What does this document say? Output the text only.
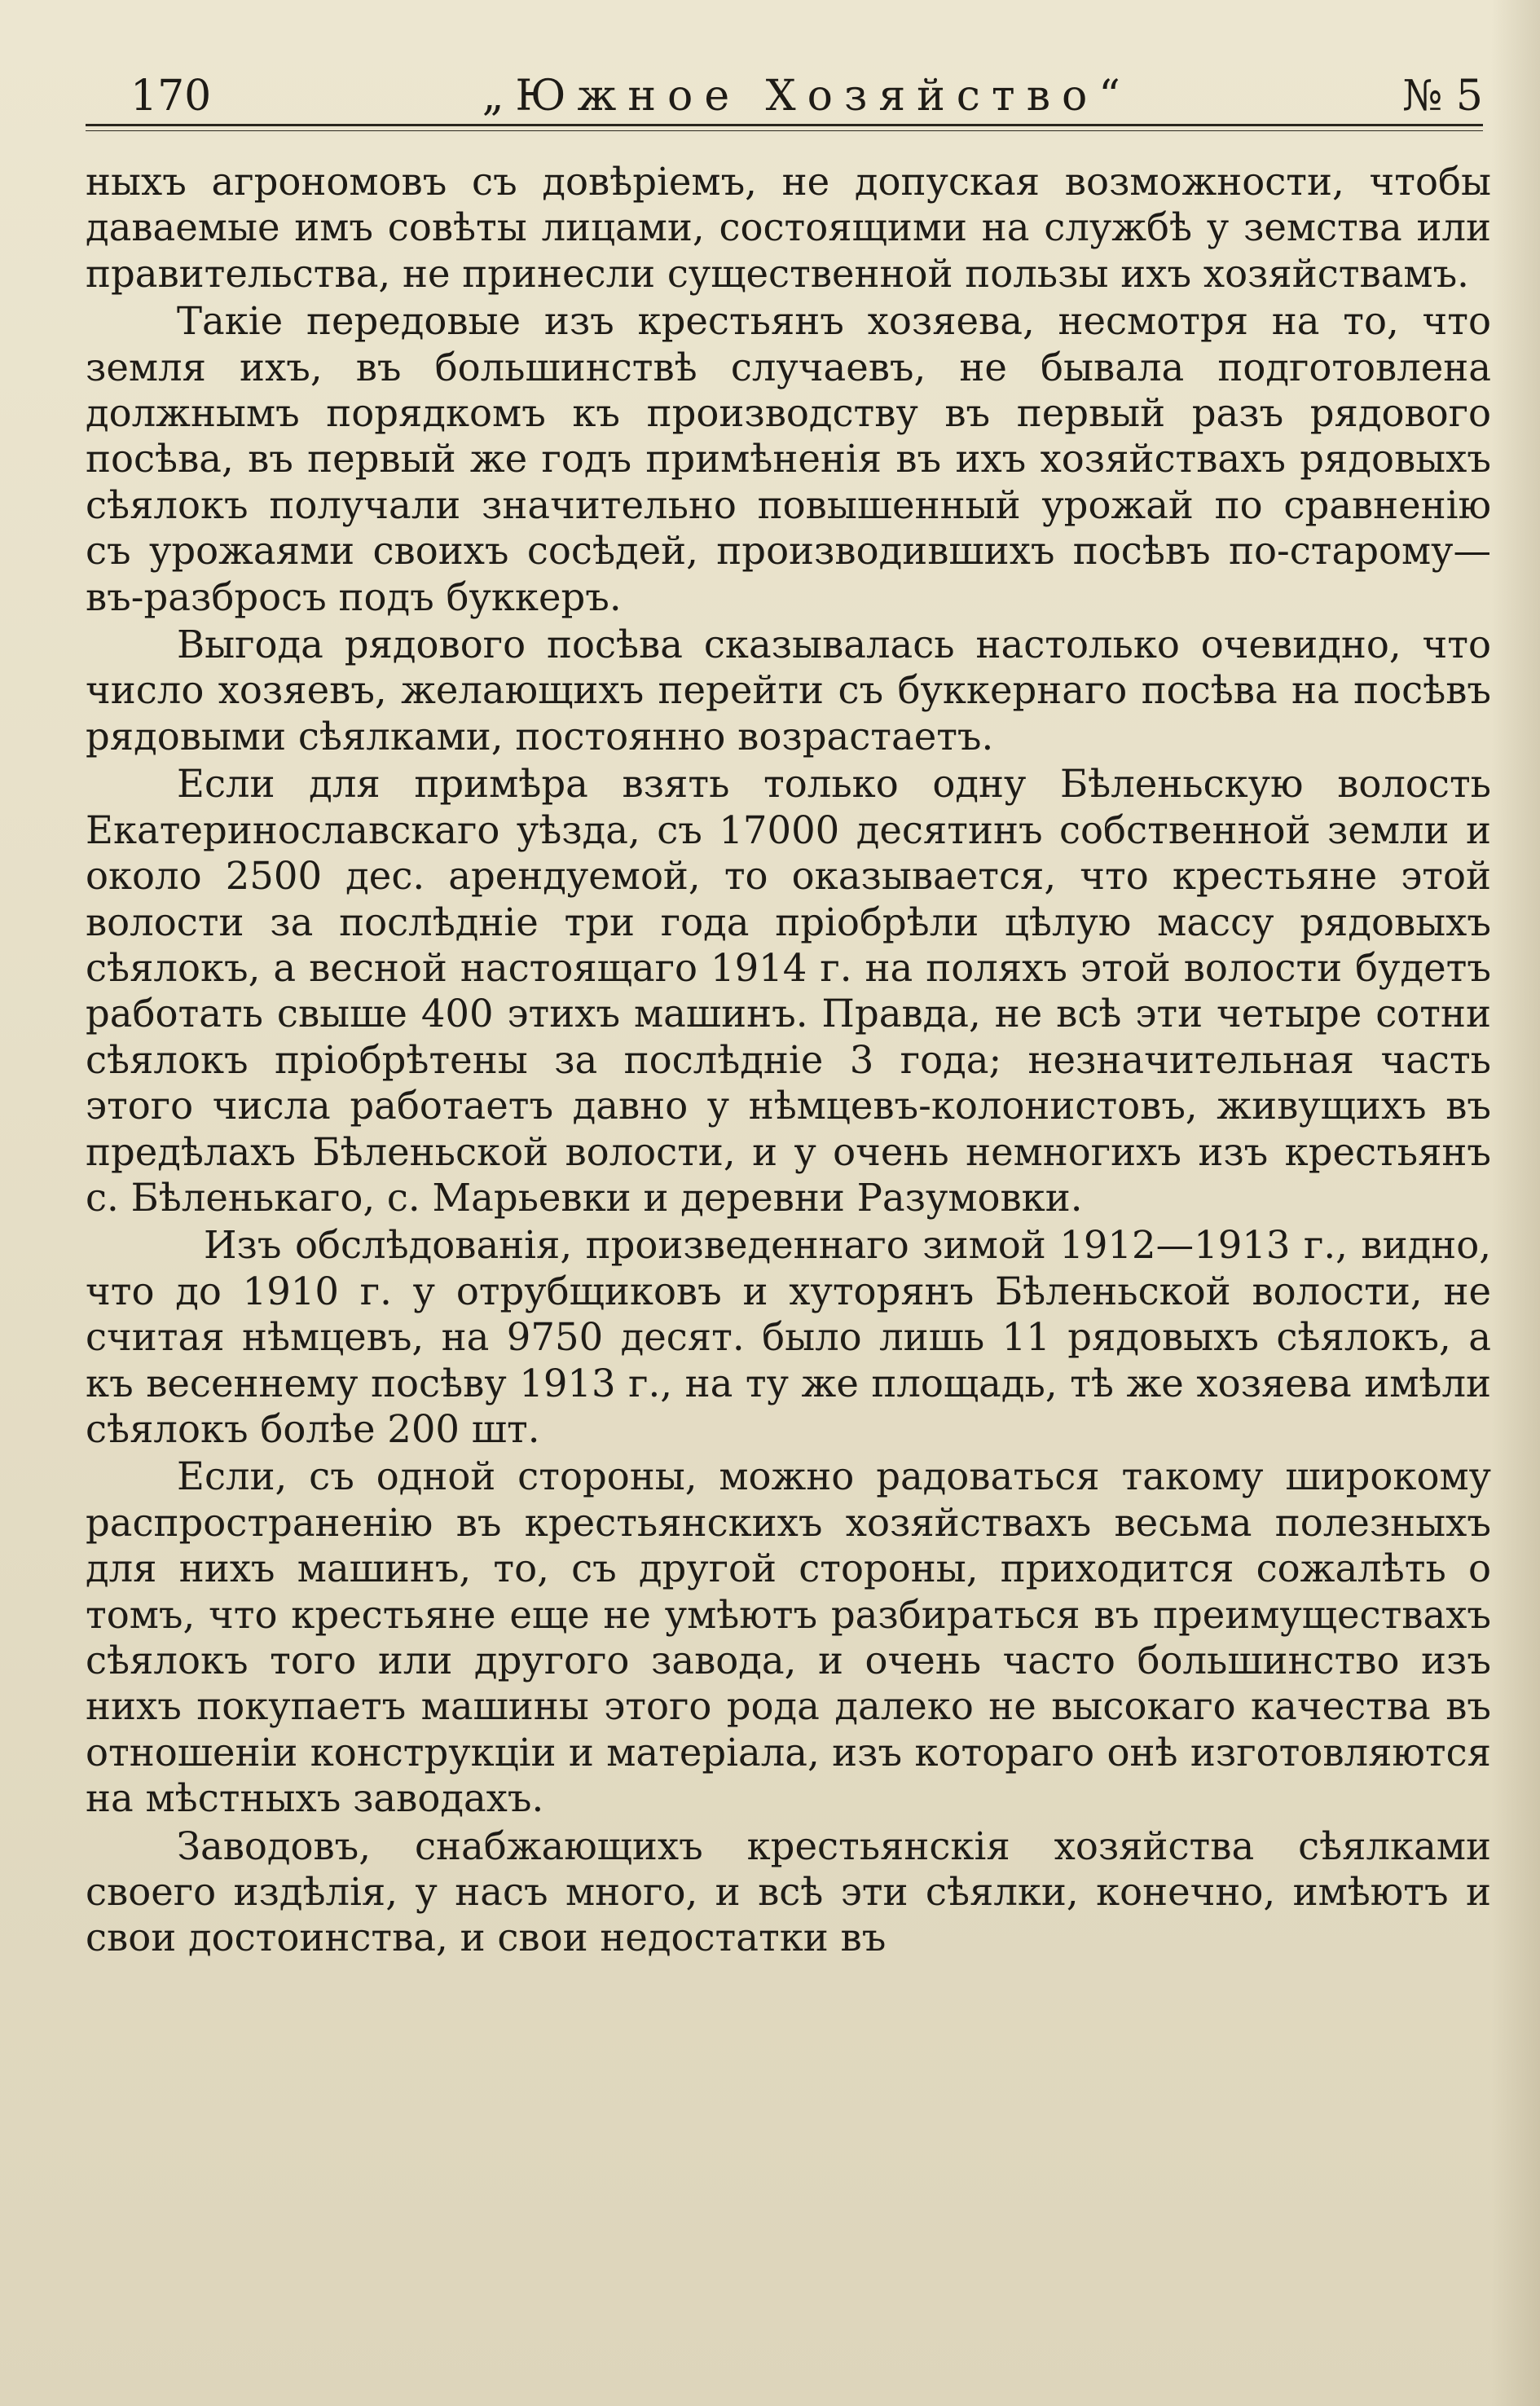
170	„Южное Хозяйство“	№ 5

ныхъ агрономовъ съ довѣріемъ, не допуская возможности, чтобы даваемые имъ совѣты лицами, состоящими на службѣ у земства или правительства, не принесли существенной пользы ихъ хозяйствамъ.

Такіе передовые изъ крестьянъ хозяева, несмотря на то, что земля ихъ, въ большинствѣ случаевъ, не бывала подготовлена должнымъ порядкомъ къ производству въ первый разъ рядового посѣва, въ первый же годъ примѣненія въ ихъ хозяйствахъ рядовыхъ сѣялокъ получали значительно повышенный урожай по сравненію съ урожаями своихъ сосѣдей, производившихъ посѣвъ по-старому—въ-разбросъ подъ буккеръ.

Выгода рядового посѣва сказывалась настолько очевидно, что число хозяевъ, желающихъ перейти съ буккернаго посѣва на посѣвъ рядовыми сѣялками, постоянно возрастаетъ.

Если для примѣра взять только одну Бѣленьскую волость Екатеринославскаго уѣзда, съ 17000 десятинъ собственной земли и около 2500 дес. арендуемой, то оказывается, что крестьяне этой волости за послѣдніе три года пріобрѣли цѣлую массу рядовыхъ сѣялокъ, а весной настоящаго 1914 г. на поляхъ этой волости будетъ работать свыше 400 этихъ машинъ. Правда, не всѣ эти четыре сотни сѣялокъ пріобрѣтены за послѣдніе 3 года; незначительная часть этого числа работаетъ давно у нѣмцевъ-колонистовъ, живущихъ въ предѣлахъ Бѣленьской волости, и у очень немногихъ изъ крестьянъ с. Бѣленькаго, с. Марьевки и деревни Разумовки.

Изъ обслѣдованія, произведеннаго зимой 1912—1913 г., видно, что до 1910 г. у отрубщиковъ и хуторянъ Бѣленьской волости, не считая нѣмцевъ, на 9750 десят. было лишь 11 рядовыхъ сѣялокъ, а къ весеннему посѣву 1913 г., на ту же площадь, тѣ же хозяева имѣли сѣялокъ болѣе 200 шт.

Если, съ одной стороны, можно радоваться такому широкому распространенію въ крестьянскихъ хозяйствахъ весьма полезныхъ для нихъ машинъ, то, съ другой стороны, приходится сожалѣть о томъ, что крестьяне еще не умѣютъ разбираться въ преимуществахъ сѣялокъ того или другого завода, и очень часто большинство изъ нихъ покупаетъ машины этого рода далеко не высокаго качества въ отношеніи конструкціи и матеріала, изъ котораго онѣ изготовляются на мѣстныхъ заводахъ.

Заводовъ, снабжающихъ крестьянскія хозяйства сѣялками своего издѣлія, у насъ много, и всѣ эти сѣялки, конечно, имѣютъ и свои достоинства, и свои недостатки въ
